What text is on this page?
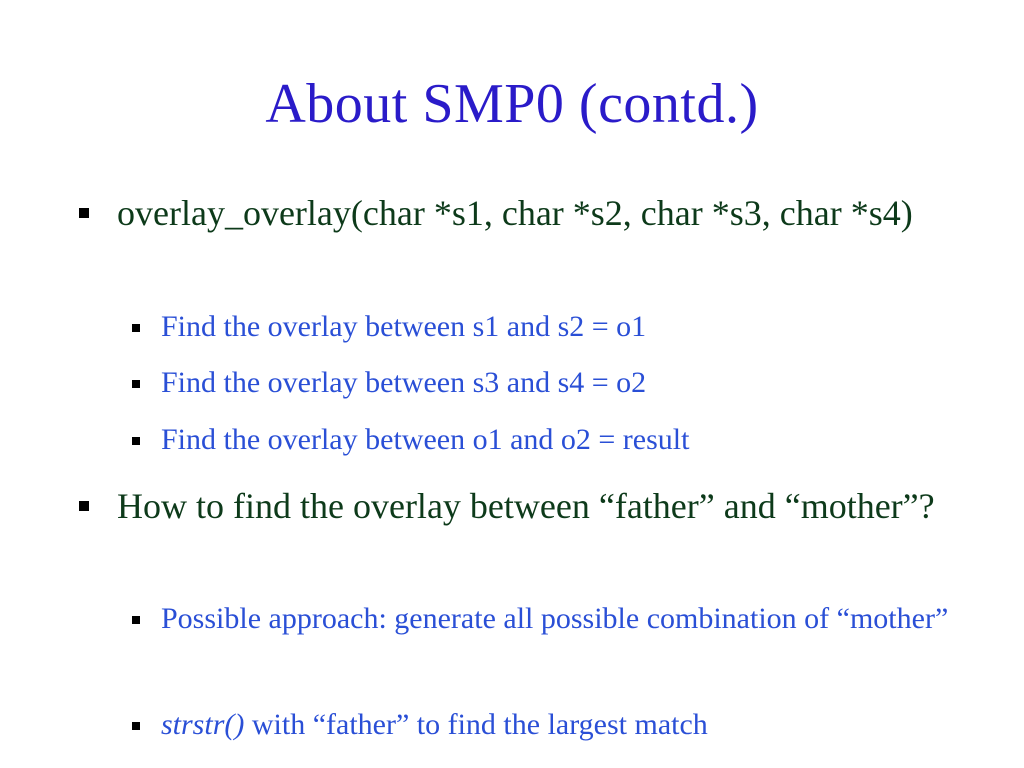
About SMP0 (contd.)
overlay_overlay(char *s1, char *s2, char *s3, char *s4)
Find the overlay between s1 and s2 = o1
Find the overlay between s3 and s4 = o2
Find the overlay between o1 and o2 = result
How to find the overlay between “father” and “mother”?
Possible approach: generate all possible combination of “mother”
strstr() with “father” to find the largest match
